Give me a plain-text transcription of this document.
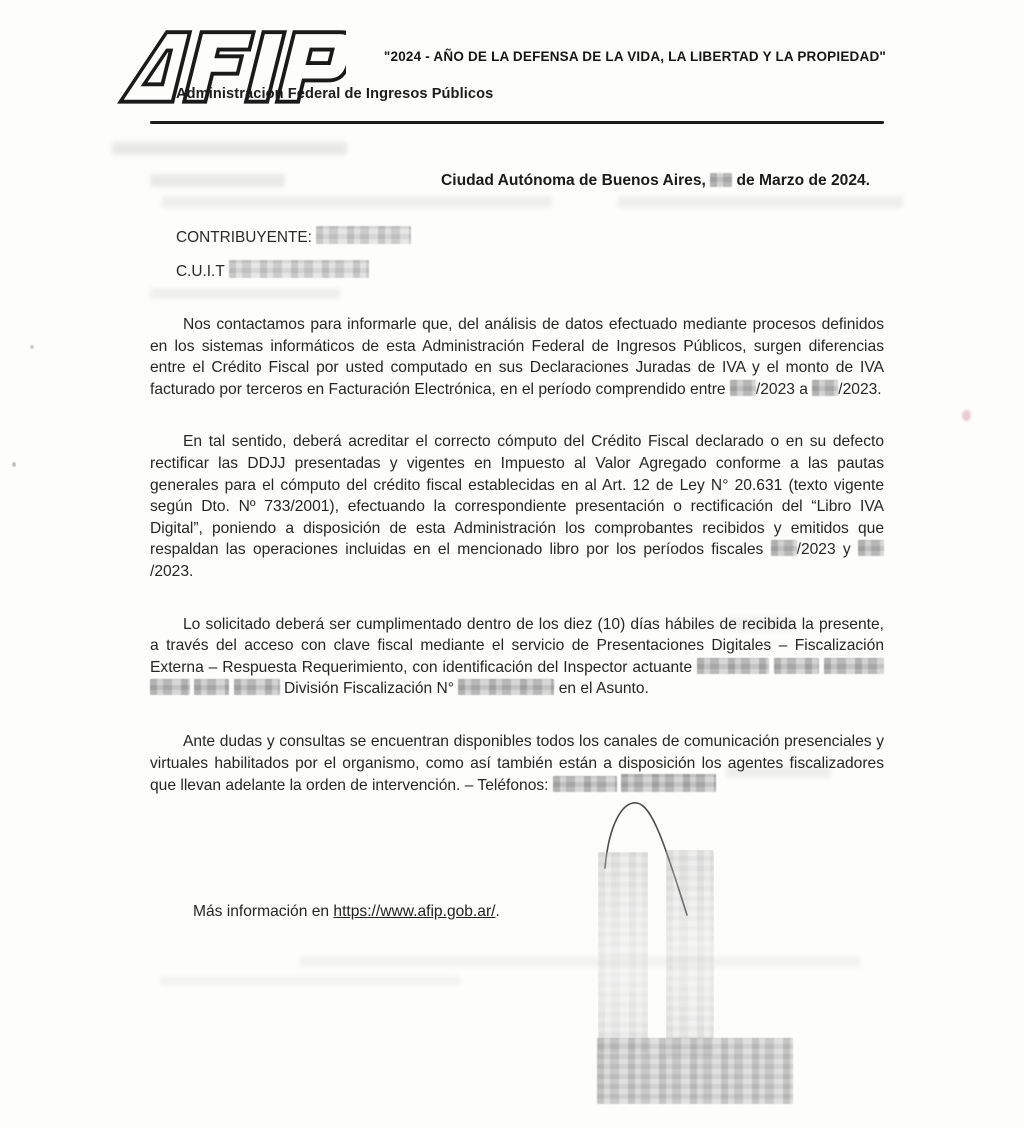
"2024 - AÑO DE LA DEFENSA DE LA VIDA, LA LIBERTAD Y LA PROPIEDAD"
Administración Federal de Ingresos Públicos
Ciudad Autónoma de Buenos Aires,  de Marzo de 2024.
CONTRIBUYENTE:
C.U.I.T

Nos contactamos para informarle que, del análisis de datos efectuado mediante procesos definidos en los sistemas informáticos de esta Administración Federal de Ingresos Públicos, surgen diferencias entre el Crédito Fiscal por usted computado en sus Declaraciones Juradas de IVA y el monto de IVA facturado por terceros en Facturación Electrónica, en el período comprendido entre /2023 a /2023.

En tal sentido, deberá acreditar el correcto cómputo del Crédito Fiscal declarado o en su defecto rectificar las DDJJ presentadas y vigentes en Impuesto al Valor Agregado conforme a las pautas generales para el cómputo del crédito fiscal establecidas en al Art. 12 de Ley N° 20.631 (texto vigente según Dto. Nº 733/2001), efectuando la correspondiente presentación o rectificación del “Libro IVA Digital”, poniendo a disposición de esta Administración los comprobantes recibidos y emitidos que respaldan las operaciones incluidas en el mencionado libro por los períodos fiscales /2023 y /2023.

Lo solicitado deberá ser cumplimentado dentro de los diez (10) días hábiles de recibida la presente, a través del acceso con clave fiscal mediante el servicio de Presentaciones Digitales – Fiscalización Externa – Respuesta Requerimiento, con identificación del Inspector actuante       División Fiscalización N°	en el Asunto.

Ante dudas y consultas se encuentran disponibles todos los canales de comunicación presenciales y virtuales habilitados por el organismo, como así también están a disposición los agentes fiscalizadores que llevan adelante la orden de intervención. – Teléfonos:

Más información en https://www.afip.gob.ar/.
